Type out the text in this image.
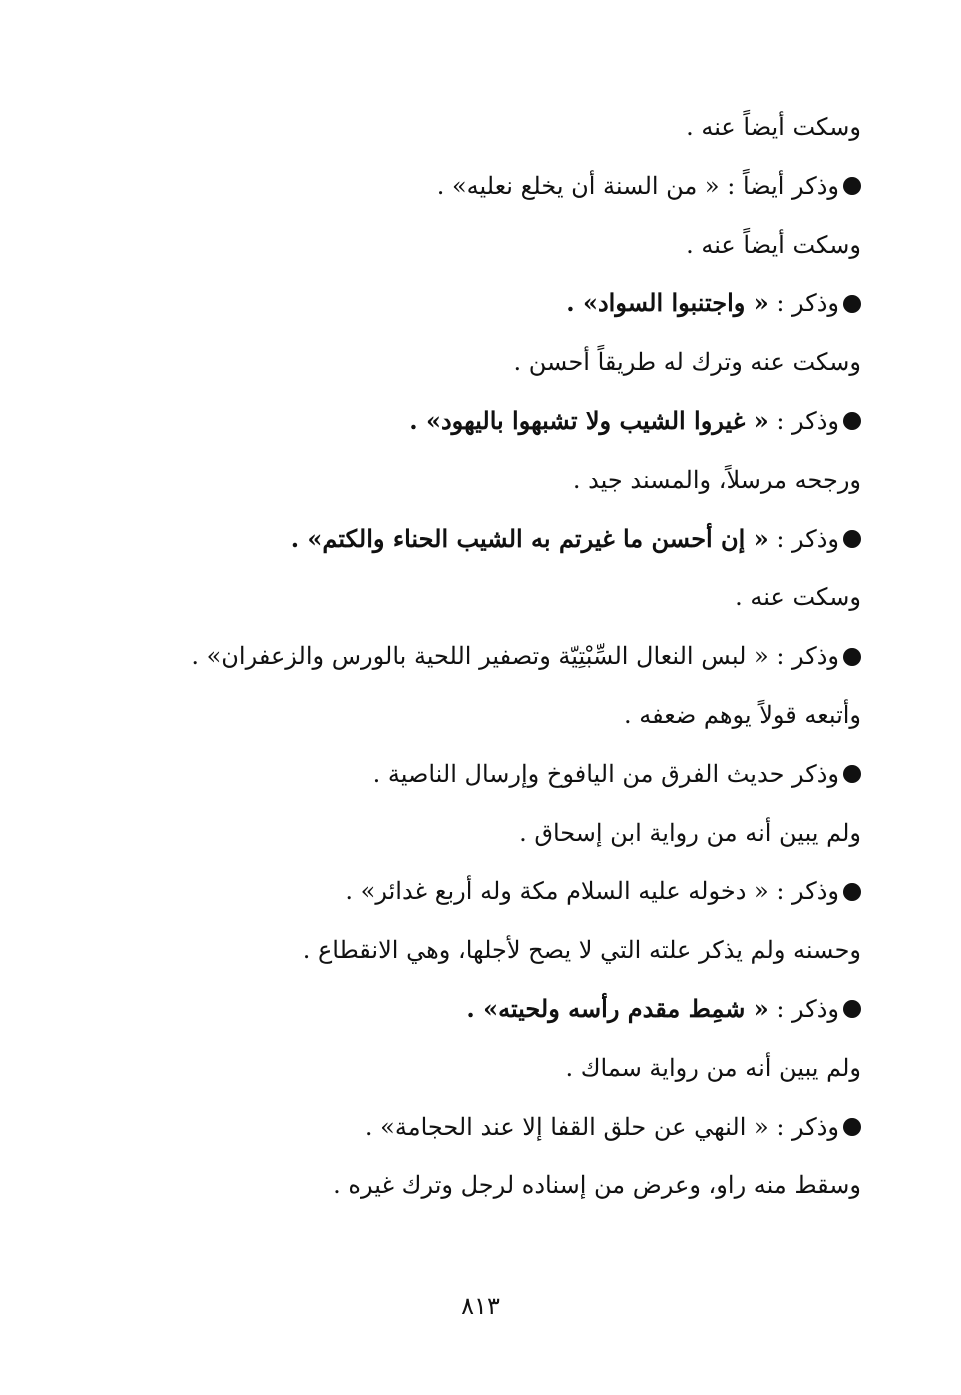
وسكت أيضاً عنه .
وذكر أيضاً : « من السنة أن يخلع نعليه» .
وسكت أيضاً عنه .
وذكر : « واجتنبوا السواد» .
وسكت عنه وترك له طريقاً أحسن .
وذكر : « غيروا الشيب ولا تشبهوا باليهود» .
ورجحه مرسلاً، والمسند جيد .
وذكر : « إن أحسن ما غيرتم به الشيب الحناء والكتم» .
وسكت عنه .
وذكر : « لبس النعال السِّبْتِيّة وتصفير اللحية بالورس والزعفران» .
وأتبعه قولاً يوهم ضعفه .
وذكر حديث الفرق من اليافوخ وإرسال الناصية .
ولم يبين أنه من رواية ابن إسحاق .
وذكر : « دخوله عليه السلام مكة وله أربع غدائر» .
وحسنه ولم يذكر علته التي لا يصح لأجلها، وهي الانقطاع .
وذكر : « شمِط مقدم رأسه ولحيته» .
ولم يبين أنه من رواية سماك .
وذكر : « النهي عن حلق القفا إلا عند الحجامة» .
وسقط منه راو، وعرض من إسناده لرجل وترك غيره .
٨١٣
